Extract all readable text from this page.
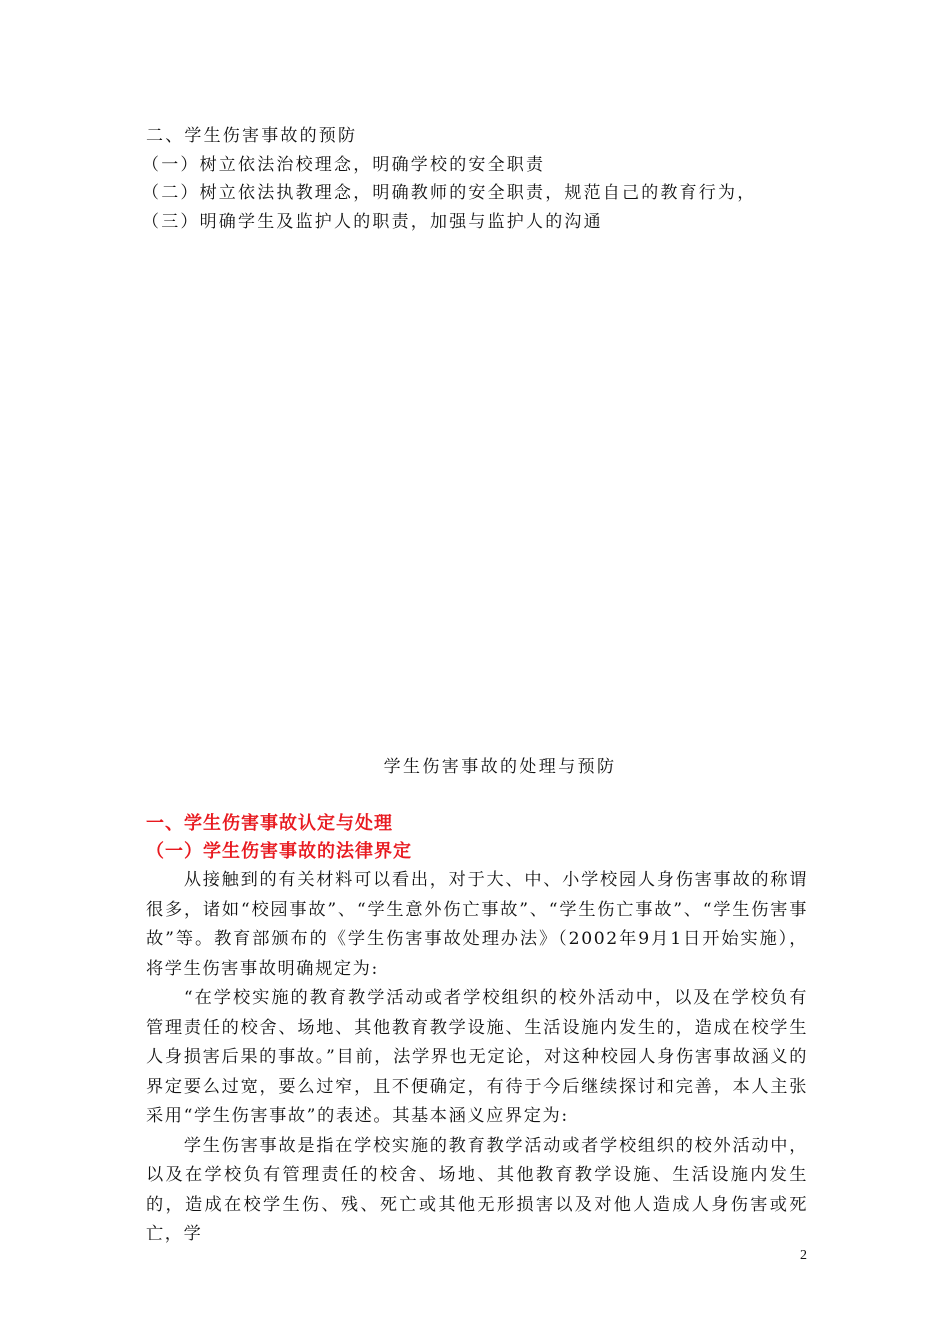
二、学生伤害事故的预防
（一）树立依法治校理念，明确学校的安全职责
（二）树立依法执教理念，明确教师的安全职责，规范自己的教育行为，
（三）明确学生及监护人的职责，加强与监护人的沟通
学生伤害事故的处理与预防
一、学生伤害事故认定与处理
（一）学生伤害事故的法律界定

从接触到的有关材料可以看出，对于大、中、小学校园人身伤害事故的称谓很多，诸如“校园事故”、“学生意外伤亡事故”、“学生伤亡事故”、“学生伤害事故”等。教育部颁布的《学生伤害事故处理办法》（2002年9月1日开始实施），将学生伤害事故明确规定为:

“在学校实施的教育教学活动或者学校组织的校外活动中，以及在学校负有管理责任的校舍、场地、其他教育教学设施、生活设施内发生的，造成在校学生人身损害后果的事故。”目前，法学界也无定论，对这种校园人身伤害事故涵义的界定要么过宽，要么过窄，且不便确定，有待于今后继续探讨和完善，本人主张采用“学生伤害事故”的表述。其基本涵义应界定为:

学生伤害事故是指在学校实施的教育教学活动或者学校组织的校外活动中，以及在学校负有管理责任的校舍、场地、其他教育教学设施、生活设施内发生的，造成在校学生伤、残、死亡或其他无形损害以及对他人造成人身伤害或死亡，学

2
